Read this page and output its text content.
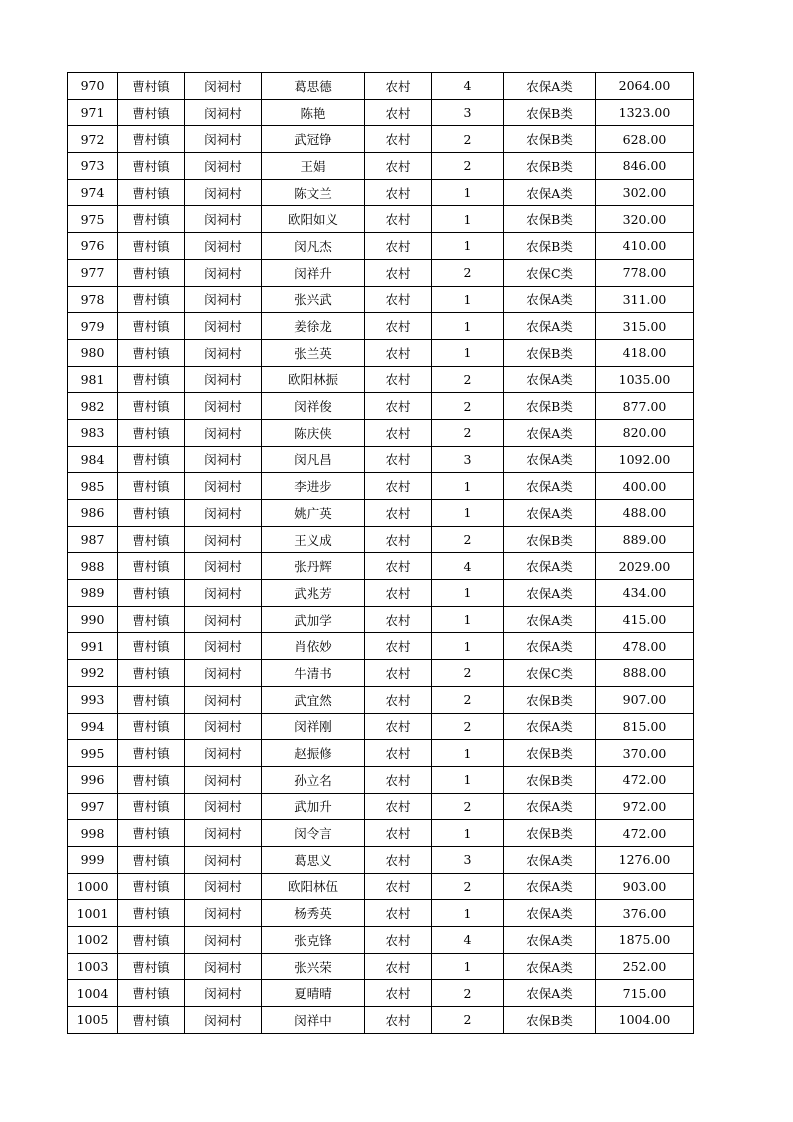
970	曹村镇	闵祠村	葛思德	农村	4	农保A类	2064.00
971	曹村镇	闵祠村	陈艳	农村	3	农保B类	1323.00
972	曹村镇	闵祠村	武冠铮	农村	2	农保B类	628.00
973	曹村镇	闵祠村	王娟	农村	2	农保B类	846.00
974	曹村镇	闵祠村	陈文兰	农村	1	农保A类	302.00
975	曹村镇	闵祠村	欧阳如义	农村	1	农保B类	320.00
976	曹村镇	闵祠村	闵凡杰	农村	1	农保B类	410.00
977	曹村镇	闵祠村	闵祥升	农村	2	农保C类	778.00
978	曹村镇	闵祠村	张兴武	农村	1	农保A类	311.00
979	曹村镇	闵祠村	姜徐龙	农村	1	农保A类	315.00
980	曹村镇	闵祠村	张兰英	农村	1	农保B类	418.00
981	曹村镇	闵祠村	欧阳林振	农村	2	农保A类	1035.00
982	曹村镇	闵祠村	闵祥俊	农村	2	农保B类	877.00
983	曹村镇	闵祠村	陈庆侠	农村	2	农保A类	820.00
984	曹村镇	闵祠村	闵凡昌	农村	3	农保A类	1092.00
985	曹村镇	闵祠村	李进步	农村	1	农保A类	400.00
986	曹村镇	闵祠村	姚广英	农村	1	农保A类	488.00
987	曹村镇	闵祠村	王义成	农村	2	农保B类	889.00
988	曹村镇	闵祠村	张丹辉	农村	4	农保A类	2029.00
989	曹村镇	闵祠村	武兆芳	农村	1	农保A类	434.00
990	曹村镇	闵祠村	武加学	农村	1	农保A类	415.00
991	曹村镇	闵祠村	肖依妙	农村	1	农保A类	478.00
992	曹村镇	闵祠村	牛清书	农村	2	农保C类	888.00
993	曹村镇	闵祠村	武宜然	农村	2	农保B类	907.00
994	曹村镇	闵祠村	闵祥刚	农村	2	农保A类	815.00
995	曹村镇	闵祠村	赵振修	农村	1	农保B类	370.00
996	曹村镇	闵祠村	孙立名	农村	1	农保B类	472.00
997	曹村镇	闵祠村	武加升	农村	2	农保A类	972.00
998	曹村镇	闵祠村	闵令言	农村	1	农保B类	472.00
999	曹村镇	闵祠村	葛思义	农村	3	农保A类	1276.00
1000	曹村镇	闵祠村	欧阳林伍	农村	2	农保A类	903.00
1001	曹村镇	闵祠村	杨秀英	农村	1	农保A类	376.00
1002	曹村镇	闵祠村	张克锋	农村	4	农保A类	1875.00
1003	曹村镇	闵祠村	张兴荣	农村	1	农保A类	252.00
1004	曹村镇	闵祠村	夏晴晴	农村	2	农保A类	715.00
1005	曹村镇	闵祠村	闵祥中	农村	2	农保B类	1004.00
